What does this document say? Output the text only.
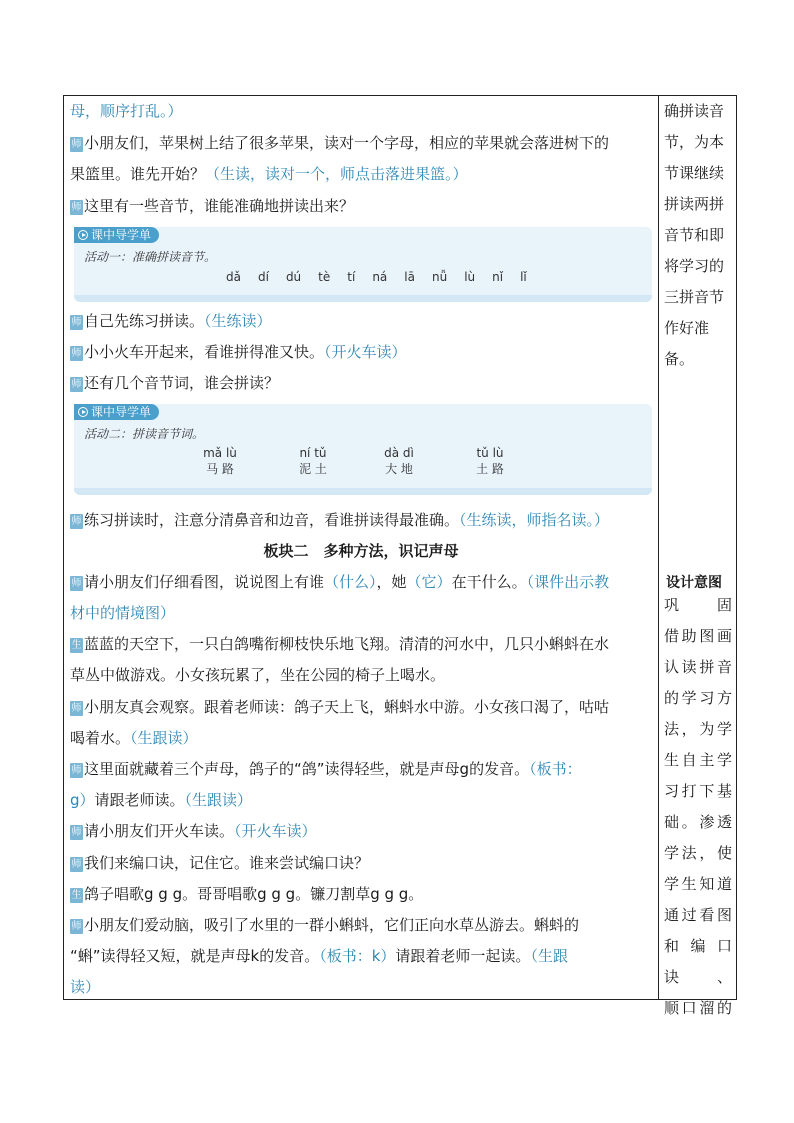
母，顺序打乱。）
师 小朋友们，苹果树上结了很多苹果，读对一个字母，相应的苹果就会落进树下的
果篮里。谁先开始？（生读，读对一个，师点击落进果篮。）
师 这里有一些音节，谁能准确地拼读出来？
课中导学单
活动一：准确拼读音节。
dǎ dí dú tè tí ná lā nǚ lù nǐ lǐ
师 自己先练习拼读。（生练读）
师 小小火车开起来，看谁拼得准又快。（开火车读）
师 还有几个音节词，谁会拼读？
课中导学单
活动二：拼读音节词。
mǎ lù
马 路
ní tǔ
泥 土
dà dì
大 地
tǔ lù
土 路
师 练习拼读时，注意分清鼻音和边音，看谁拼读得最准确。（生练读，师指名读。）
板块二　多种方法，识记声母
师 请小朋友们仔细看图，说说图上有谁（什么），她（它）在干什么。（课件出示教
材中的情境图）
生 蓝蓝的天空下，一只白鸽嘴衔柳枝快乐地飞翔。清清的河水中，几只小蝌蚪在水
草丛中做游戏。小女孩玩累了，坐在公园的椅子上喝水。
师 小朋友真会观察。跟着老师读：鸽子天上飞，蝌蚪水中游。小女孩口渴了，咕咕
喝着水。（生跟读）
师 这里面就藏着三个声母，鸽子的“鸽”读得轻些，就是声母g的发音。（板书：
g）请跟老师读。（生跟读）
师 请小朋友们开火车读。（开火车读）
师 我们来编口诀，记住它。谁来尝试编口诀？
生 鸽子唱歌g g g。哥哥唱歌g g g。镰刀割草g g g。
师 小朋友们爱动脑，吸引了水里的一群小蝌蚪，它们正向水草丛游去。蝌蚪的
“蝌”读得轻又短，就是声母k的发音。（板书：k）请跟着老师一起读。（生跟
读）
确拼读音
节，为本
节课继续
拼读两拼
音节和即
将学习的
三拼音节
作好准
备。
设计意图
巩 固
借助图画
认读拼音
的学习方
法，为学
生自主学
习打下基
础。渗透
学法，使
学生知道
通过看图
和编口诀、
顺口溜的
